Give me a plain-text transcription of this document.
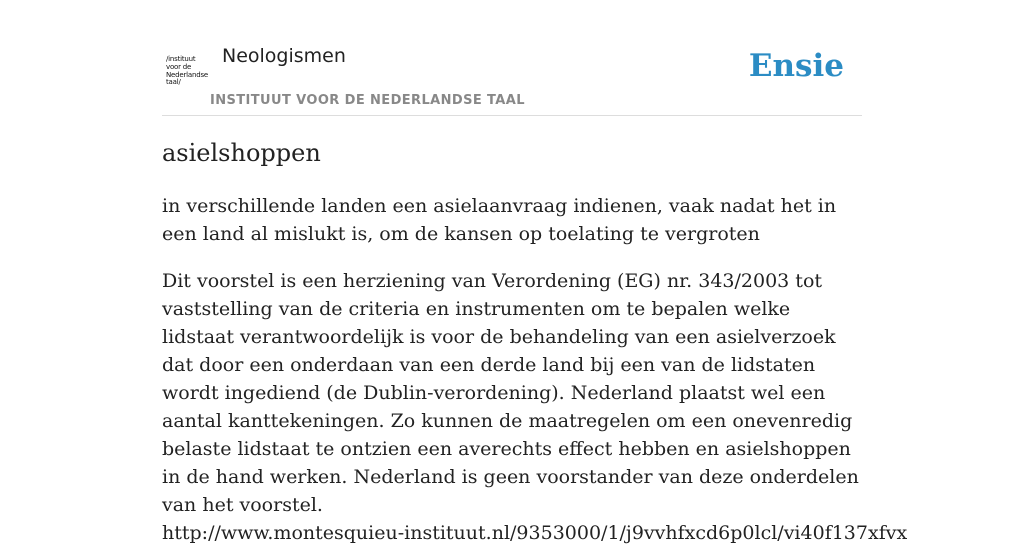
/instituut
voor de
Nederlandse
taal/
Neologismen
INSTITUUT VOOR DE NEDERLANDSE TAAL
Ensie
asielshoppen

in verschillende landen een asielaanvraag indienen, vaak nadat het in een land al mislukt is, om de kansen op toelating te vergroten

Dit voorstel is een herziening van Verordening (EG) nr. 343/2003 tot vaststelling van de criteria en instrumenten om te bepalen welke lidstaat verantwoordelijk is voor de behandeling van een asielverzoek dat door een onderdaan van een derde land bij een van de lidstaten wordt ingediend (de Dublin-verordening). Nederland plaatst wel een aantal kanttekeningen. Zo kunnen de maatregelen om een onevenredig belaste lidstaat te ontzien een averechts effect hebben en asielshoppen in de hand werken. Nederland is geen voorstander van deze onderdelen van het voorstel.
http://www.montesquieu-instituut.nl/9353000/1/j9vvhfxcd6p0lcl/vi40f137xfvx
